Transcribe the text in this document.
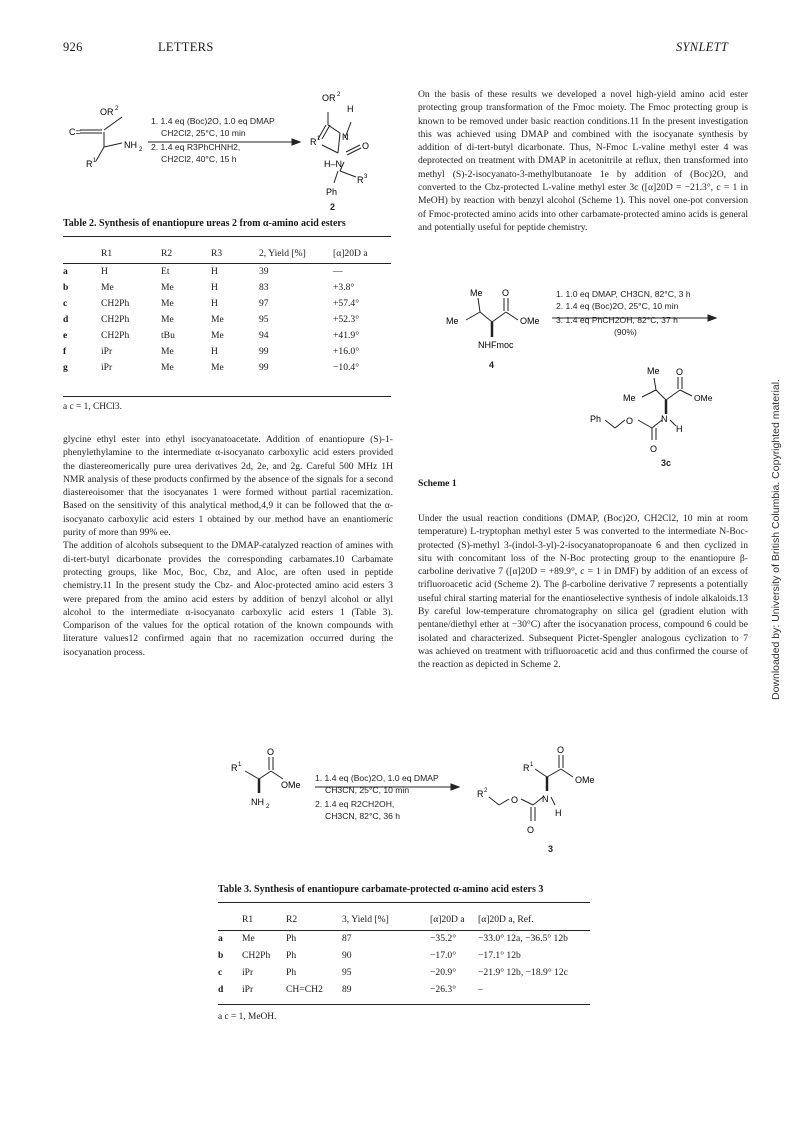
926	LETTERS	SYNLETT
Downloaded by: University of British Columbia. Copyrighted material.
OR 2
C=
NH 2
R 1
OR 2
R 1
H
N
O
H–N
R 3
Ph
1. 1.4 eq (Boc)2O, 1.0 eq DMAP
CH2Cl2, 25°C, 10 min
2. 1.4 eq R3PhCHNH2,
CH2Cl2, 40°C, 15 h
2
Table 2. Synthesis of enantiopure ureas 2 from α-amino acid esters
	R1	R2	R3	2, Yield [%]	[α]20D a
a	H	Et	H	39	—
b	Me	Me	H	83	+3.8°
c	CH2Ph	Me	H	97	+57.4°
d	CH2Ph	Me	Me	95	+52.3°
e	CH2Ph	tBu	Me	94	+41.9°
f	iPr	Me	H	99	+16.0°
g	iPr	Me	Me	99	−10.4°
a c = 1, CHCl3.

glycine ethyl ester into ethyl isocyanatoacetate. Addition of enantiopure (S)-1-phenylethylamine to the intermediate α-isocyanato carboxylic acid esters provided the diastereomerically pure urea derivatives 2d, 2e, and 2g. Careful 500 MHz 1H NMR analysis of these products confirmed by the absence of the signals for a second diastereoisomer that the isocyanates 1 were formed without partial racemization. Based on the sensitivity of this analytical method,4,9 it can be followed that the α-isocyanato carboxylic acid esters 1 obtained by our method have an enantiomeric purity of more than 99% ee.

The addition of alcohols subsequent to the DMAP-catalyzed reaction of amines with di-tert-butyl dicarbonate provides the corresponding carbamates.10 Carbamate protecting groups, like Moc, Boc, Cbz, and Aloc, are often used in peptide chemistry.11 In the present study the Cbz- and Aloc-protected amino acid esters 3 were prepared from the amino acid esters by addition of benzyl alcohol or allyl alcohol to the intermediate α-isocyanato carboxylic acid esters 1 (Table 3). Comparison of the values for the optical rotation of the known compounds with literature values12 confirmed again that no racemization occurred during the isocyanation process.

On the basis of these results we developed a novel high-yield amino acid ester protecting group transformation of the Fmoc moiety. The Fmoc protecting group is known to be removed under basic reaction conditions.11 In the present investigation this was achieved using DMAP and combined with the isocyanate synthesis by addition of di-tert-butyl dicarbonate. Thus, N-Fmoc L-valine methyl ester 4 was deprotected on treatment with DMAP in acetonitrile at reflux, then transformed into methyl (S)-2-isocyanato-3-methylbutanoate 1e by addition of (Boc)2O, and converted to the Cbz-protected L-valine methyl ester 3c ([α]20D = −21.3°, c = 1 in MeOH) by reaction with benzyl alcohol (Scheme 1). This novel one-pot conversion of Fmoc-protected amino acids into other carbamate-protected amino acids is general and potentially useful for peptide chemistry.
Me O
Me	OMe
NHFmoc
Me O
Me	OMe
N
H
O
O
Ph
1. 1.0 eq DMAP, CH3CN, 82°C, 3 h
2. 1.4 eq (Boc)2O, 25°C, 10 min
3. 1.4 eq PhCH2OH, 82°C, 37 h
(90%)
4
3c
Scheme 1
Under the usual reaction conditions (DMAP, (Boc)2O, CH2Cl2, 10 min at room temperature) L-tryptophan methyl ester 5 was converted to the intermediate N-Boc-protected (S)-methyl 3-(indol-3-yl)-2-isocyanatopropanoate 6 and then cyclized in situ with concomitant loss of the N-Boc protecting group to the enantiopure β-carboline derivative 7 ([α]20D = +89.9°, c = 1 in DMF) by addition of an excess of trifluoroacetic acid (Scheme 2). The β-carboline derivative 7 represents a potentially useful chiral starting material for the enantioselective synthesis of indole alkaloids.13 By careful low-temperature chromatography on silica gel (gradient elution with pentane/diethyl ether at −30°C) after the isocyanation process, compound 6 could be isolated and characterized. Subsequent Pictet-Spengler analogous cyclization to 7 was achieved on treatment with trifluoroacetic acid and thus confirmed the course of the reaction as depicted in Scheme 2.
O
R 1
OMe
NH 2
O
R 1
OMe
N
H
O
O
R 2
1. 1.4 eq (Boc)2O, 1.0 eq DMAP
CH3CN, 25°C, 10 min
2. 1.4 eq R2CH2OH,
CH3CN, 82°C, 36 h
3
Table 3. Synthesis of enantiopure carbamate-protected α-amino acid esters 3
	R1	R2	3, Yield [%]	[α]20D a	[α]20D a, Ref.
a	Me	Ph	87	−35.2°	−33.0° 12a, −36.5° 12b
b	CH2Ph	Ph	90	−17.0°	−17.1° 12b
c	iPr	Ph	95	−20.9°	−21.9° 12b, −18.9° 12c
d	iPr	CH=CH2	89	−26.3°	–
a c = 1, MeOH.
